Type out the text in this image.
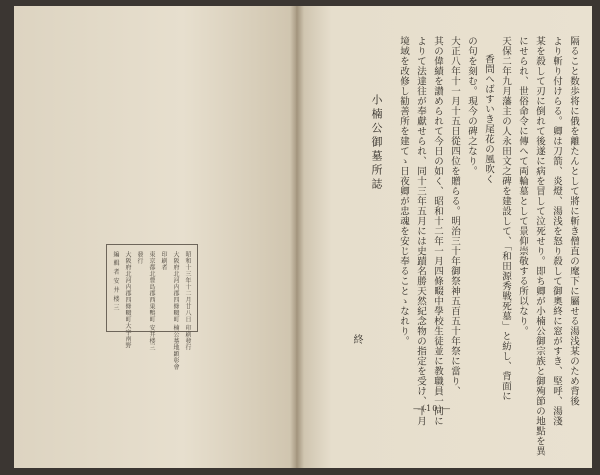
昭和十三年十二月廿八日 印刷發行
大阪府北河内郡四條畷町 楠公墓地顕彰會
印刷者
東京都北豊島郡西巣鴨町 安井楼三
發行
大阪府北河内郡四條畷町大字南野
編 輯 者 安 井 楼 三	隔ること数歩将に俄を離たんとして將に斬き僧直の麾下に屬せる湯浅某のため背後
より斬り付けらる。卿は刀箭、炎燈、湯浅を怒り殺して御奧終に窓がすき、堅呼、湯淺
某を殺して刃に倒れて後遂に病を冒して泣死せり。即ち卿が小楠公御宗族と御殉節の地點を異
にせられ、世俗命令に傳へて両輪墓として景仰崇敬する所以なり。
天保二年九月藩主の人永田文之碑を建設して、「和田源秀戦死墓」と紡し、背面に
香問へばすいき尾花の風吹く
の句を刻む。現今の碑之なり。
大正八年十一月十五日從四位を贈らる。明治三十年御祭神五百五十年祭に當り、
其の偉績を讃められて今日の如く、昭和十二年一月四條畷中學校生徒並に教職員一同に
よりて法達往が奉獻せられ、同十三年五月には史蹟名勝天然紀念物の指定を受け、十月
境域を改修し勧善所を建てゝ日夜卿が忠魂を安じ奉ることゝなれり。
小楠公御墓所誌
終
—(10)—
